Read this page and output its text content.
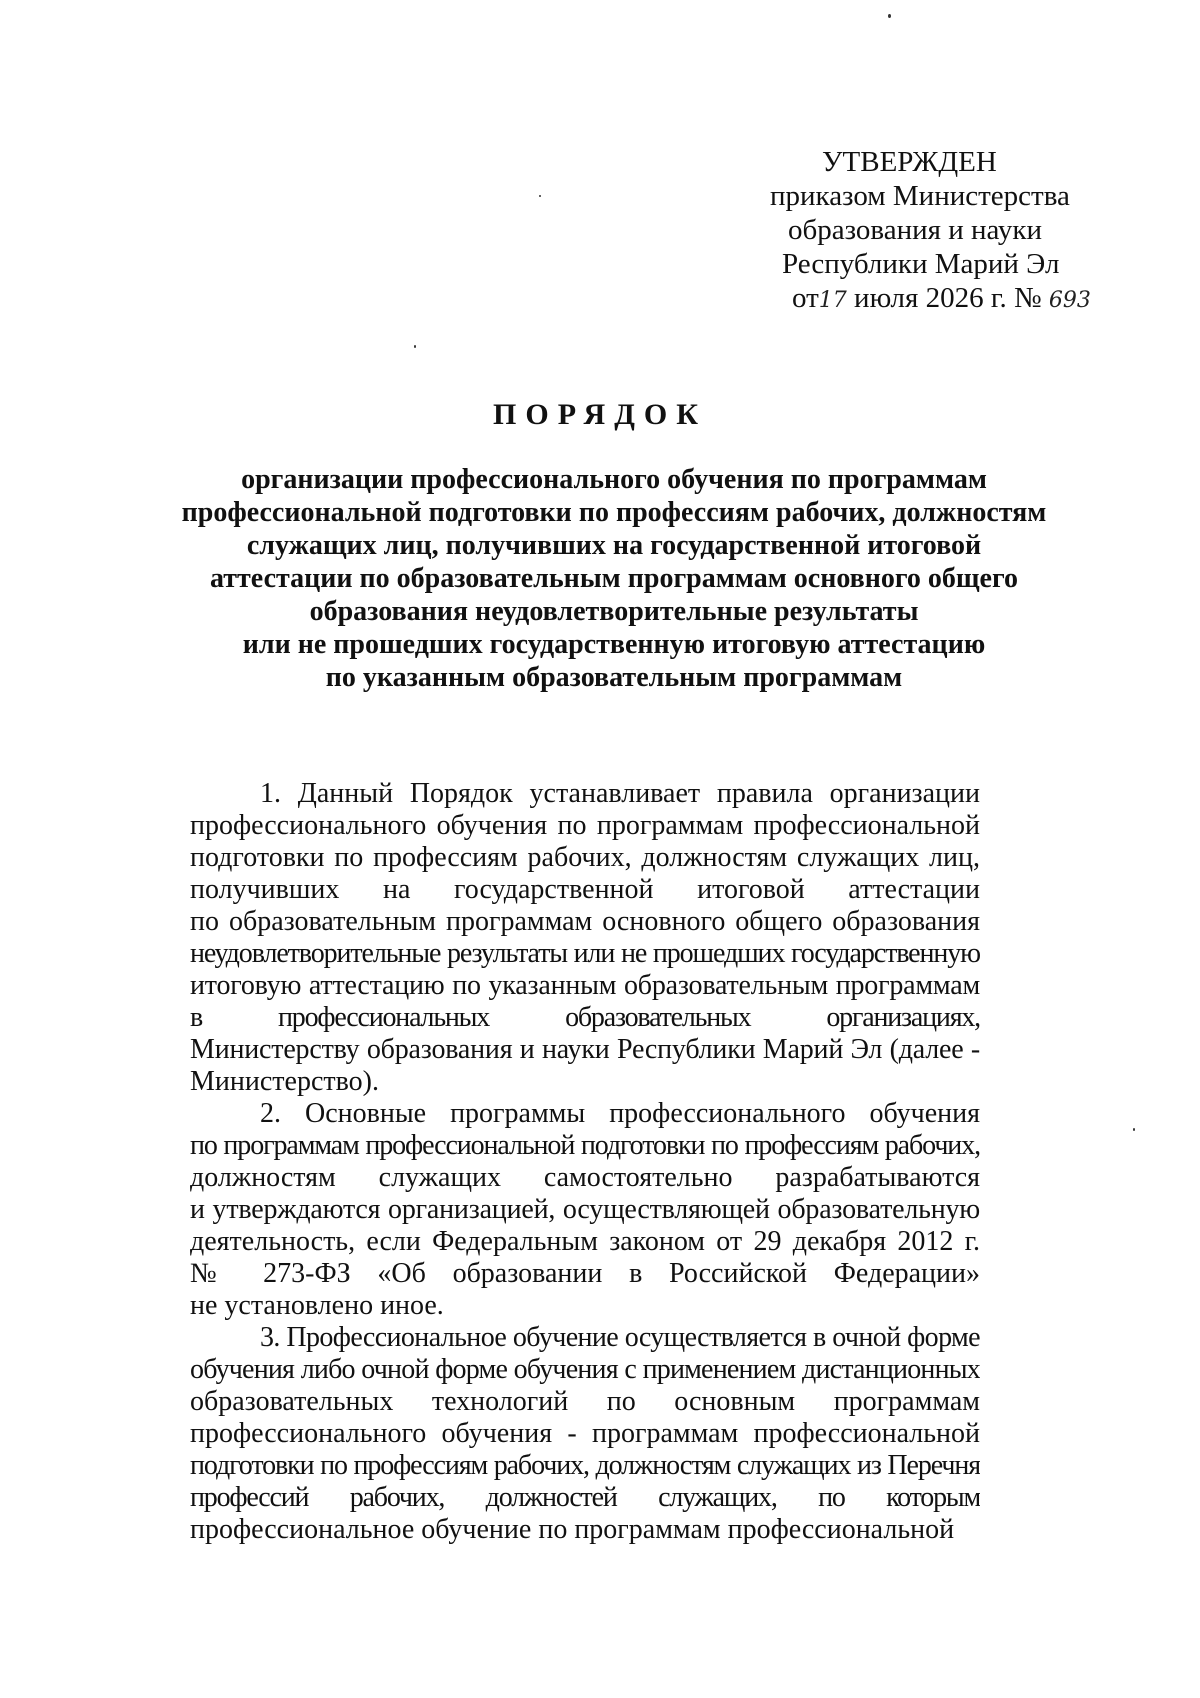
УТВЕРЖДЕН
приказом Министерства
образования и науки
Республики Марий Эл
от17 июля 2026 г. № 693
ПОРЯДОК
организации профессионального обучения по программам
профессиональной подготовки по профессиям рабочих, должностям
служащих лиц, получивших на государственной итоговой
аттестации по образовательным программам основного общего
образования неудовлетворительные результаты
или не прошедших государственную итоговую аттестацию
по указанным образовательным программам
1. Данный Порядок устанавливает правила организации
профессионального обучения по программам профессиональной
подготовки по профессиям рабочих, должностям служащих лиц,
получивших на государственной итоговой аттестации
по образовательным программам основного общего образования
неудовлетворительные результаты или не прошедших государственную
итоговую аттестацию по указанным образовательным программам
в профессиональных образовательных организациях,
Министерству образования и науки Республики Марий Эл (далее -
Министерство).
2. Основные программы профессионального обучения
по программам профессиональной подготовки по профессиям рабочих,
должностям служащих самостоятельно разрабатываются
и утверждаются организацией, осуществляющей образовательную
деятельность, если Федеральным законом от 29 декабря 2012 г.
№ 273-ФЗ «Об образовании в Российской Федерации»
не установлено иное.
3. Профессиональное обучение осуществляется в очной форме
обучения либо очной форме обучения с применением дистанционных
образовательных технологий по основным программам
профессионального обучения - программам профессиональной
подготовки по профессиям рабочих, должностям служащих из Перечня
профессий рабочих, должностей служащих, по которым
профессиональное обучение по программам профессиональной
